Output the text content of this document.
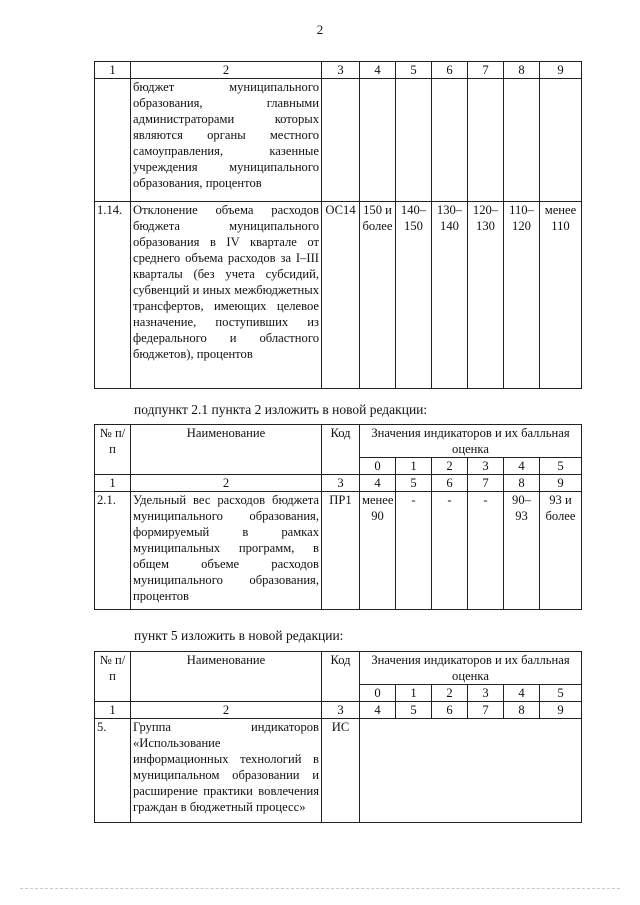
2
1	2	3	4	5	6	7	8	9
	бюджет муниципального образования, главными администраторами которых являются органы местного самоуправления, казенные учреждения муниципального образования, процентов							
1.14.	Отклонение объема расходов бюджета муниципального образования в IV квартале от среднего объема расходов за I–III кварталы (без учета субсидий, субвенций и иных межбюджетных трансфертов, имеющих целевое назначение, поступивших из федерального и областного бюджетов), процентов	ОС14	150 и более	140–150	130–140	120–130	110–120	менее 110
подпункт 2.1 пункта 2 изложить в новой редакции:
№ п/п	Наименование	Код	Значения индикаторов и их балльная оценка					
			0	1	2	3	4	5
1	2	3	4	5	6	7	8	9
2.1.	Удельный вес расходов бюджета муниципального образования, формируемый в рамках муниципальных программ, в общем объеме расходов муниципального образования, процентов	ПР1	менее 90	-	-	-	90–93	93 и более
пункт 5 изложить в новой редакции:
№ п/п	Наименование	Код	Значения индикаторов и их балльная оценка					
			0	1	2	3	4	5
1	2	3	4	5	6	7	8	9
5.	Группа индикаторов «Использование информационных технологий в муниципальном образовании и расширение практики вовлечения граждан в бюджетный процесс»	ИС						
